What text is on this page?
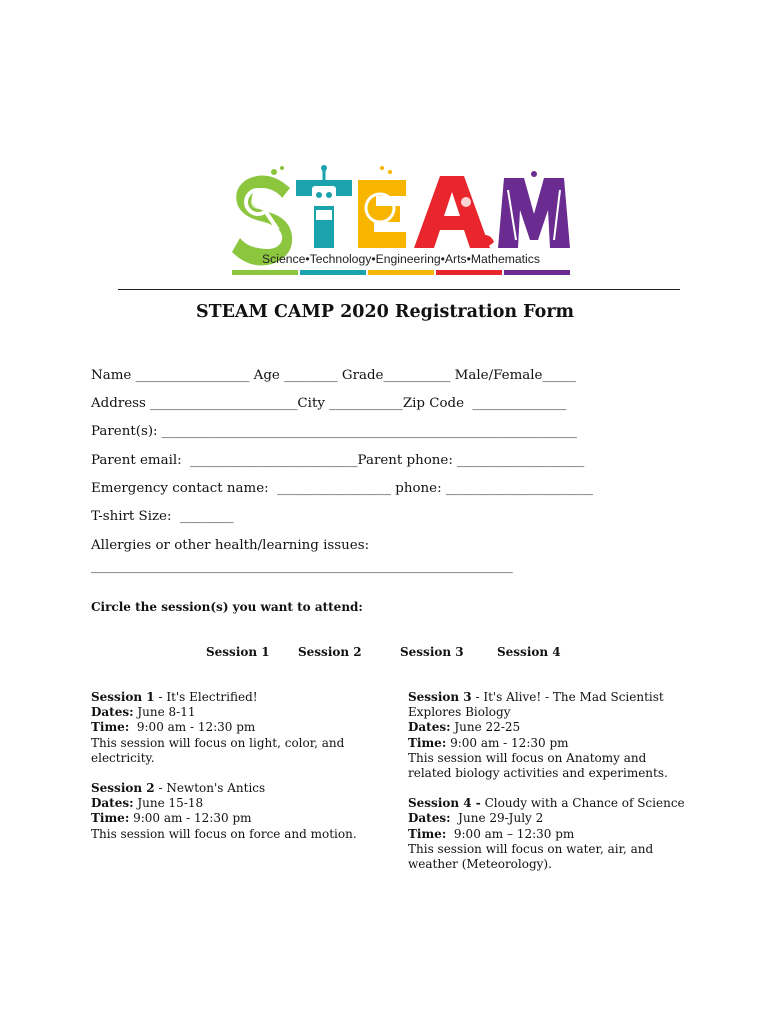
Science•Technology•Engineering•Arts•Mathematics
STEAM CAMP 2020 Registration Form
Name _________________ Age ________ Grade__________ Male/Female_____
Address ______________________City ___________Zip Code  ______________
Parent(s): ______________________________________________________________
Parent email:  _________________________Parent phone: ___________________
Emergency contact name:  _________________ phone: ______________________
T-shirt Size:  ________
Allergies or other health/learning issues:
_______________________________________________________________
Circle the session(s) you want to attend:
Session 1 Session 2	Session 3	Session 4

Session 1 - It's Electrified!
Dates: June 8-11
Time:  9:00 am - 12:30 pm
This session will focus on light, color, and electricity.

Session 2 - Newton's Antics
Dates: June 15-18
Time: 9:00 am - 12:30 pm
This session will focus on force and motion.

Session 3 - It's Alive! - The Mad Scientist Explores Biology
Dates: June 22-25
Time: 9:00 am - 12:30 pm
This session will focus on Anatomy and related biology activities and experiments.

Session 4 - Cloudy with a Chance of Science
Dates:  June 29-July 2
Time:  9:00 am – 12:30 pm
This session will focus on water, air, and weather (Meteorology).
